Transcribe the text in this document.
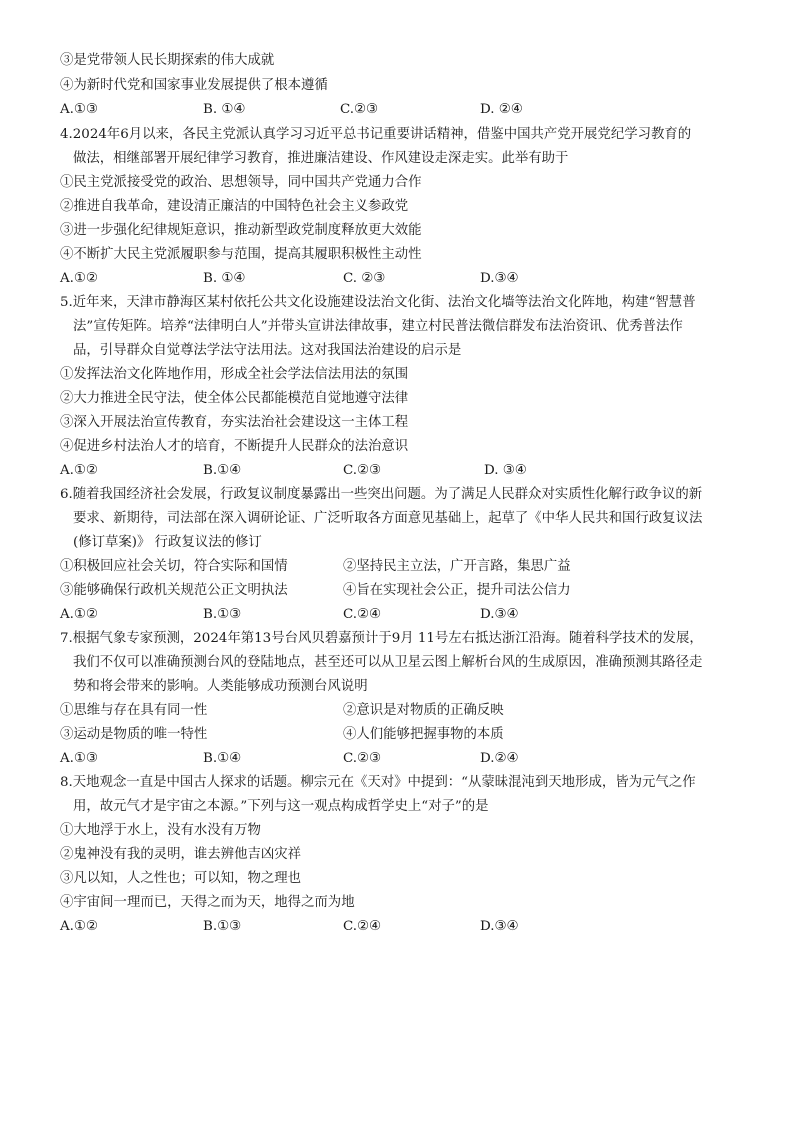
③是党带领人民长期探索的伟大成就
④为新时代党和国家事业发展提供了根本遵循
A.①③	B. ①④	C.②③	D. ②④
4.2024年6月以来，各民主党派认真学习习近平总书记重要讲话精神，借鉴中国共产党开展党纪学习教育的
做法，相继部署开展纪律学习教育，推进廉洁建设、作风建设走深走实。此举有助于
①民主党派接受党的政治、思想领导，同中国共产党通力合作
②推进自我革命，建设清正廉洁的中国特色社会主义参政党
③进一步强化纪律规矩意识，推动新型政党制度释放更大效能
④不断扩大民主党派履职参与范围，提高其履职积极性主动性
A.①②	B. ①④	C. ②③	D.③④
5.近年来，天津市静海区某村依托公共文化设施建设法治文化街、法治文化墙等法治文化阵地，构建“智慧普
法”宣传矩阵。培养“法律明白人”并带头宣讲法律故事，建立村民普法微信群发布法治资讯、优秀普法作
品，引导群众自觉尊法学法守法用法。这对我国法治建设的启示是
①发挥法治文化阵地作用，形成全社会学法信法用法的氛围
②大力推进全民守法，使全体公民都能模范自觉地遵守法律
③深入开展法治宣传教育，夯实法治社会建设这一主体工程
④促进乡村法治人才的培育，不断提升人民群众的法治意识
A.①②	B.①④	C.②③	D. ③④
6.随着我国经济社会发展，行政复议制度暴露出一些突出问题。为了满足人民群众对实质性化解行政争议的新
要求、新期待，司法部在深入调研论证、广泛听取各方面意见基础上，起草了《中华人民共和国行政复议法
(修订草案)》 行政复议法的修订
①积极回应社会关切，符合实际和国情	②坚持民主立法，广开言路，集思广益
③能够确保行政机关规范公正文明执法	④旨在实现社会公正，提升司法公信力
A.①②	B.①③	C.②④	D.③④
7.根据气象专家预测，2024年第13号台风贝碧嘉预计于9月 11号左右抵达浙江沿海。随着科学技术的发展，
我们不仅可以准确预测台风的登陆地点，甚至还可以从卫星云图上解析台风的生成原因，准确预测其路径走
势和将会带来的影响。人类能够成功预测台风说明
①思维与存在具有同一性	②意识是对物质的正确反映
③运动是物质的唯一特性	④人们能够把握事物的本质
A.①③	B.①④	C.②③	D.②④
8.天地观念一直是中国古人探求的话题。柳宗元在《天对》中提到：“从蒙昧混沌到天地形成，皆为元气之作
用，故元气才是宇宙之本源。”下列与这一观点构成哲学史上“对子”的是
①大地浮于水上，没有水没有万物
②鬼神没有我的灵明，谁去辨他吉凶灾祥
③凡以知，人之性也；可以知，物之理也
④宇宙间一理而已，天得之而为天，地得之而为地
A.①②	B.①③	C.②④	D.③④
